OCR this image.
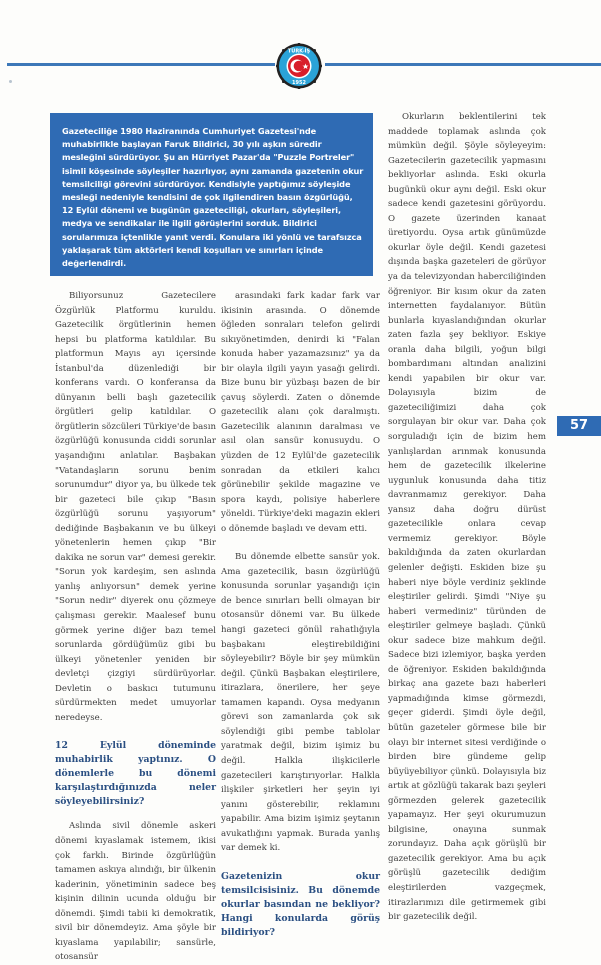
TÜRK-İŞ
1952
Gazeteciliğe 1980 Haziranında Cumhuriyet Gazetesi'nde muhabirlikle başlayan Faruk Bildirici, 30 yılı aşkın süredir mesleğini sürdürüyor. Şu an Hürriyet Pazar'da "Puzzle Portreler" isimli köşesinde söyleşiler hazırlıyor, aynı zamanda gazetenin okur temsilciliği görevini sürdürüyor. Kendisiyle yaptığımız söyleşide mesleği nedeniyle kendisini de çok ilgilendiren basın özgürlüğü, 12 Eylül dönemi ve bugünün gazeteciliği, okurları, söyleşileri, medya ve sendikalar ile ilgili görüşlerini sorduk. Bildirici sorularımıza içtenlikle yanıt verdi. Konulara iki yönlü ve tarafsızca yaklaşarak tüm aktörleri kendi koşulları ve sınırları içinde değerlendirdi.

Biliyorsunuz Gazetecilere Özgürlük Platformu kuruldu. Gazetecilik örgütlerinin hemen hepsi bu platforma katıldılar. Bu platformun Mayıs ayı içersinde İstanbul'da düzenlediği bir konferans vardı. O konferansa da dünyanın belli başlı gazetecilik örgütleri gelip katıldılar. O örgütlerin sözcüleri Türkiye'de basın özgürlüğü konusunda ciddi sorunlar yaşandığını anlatılar. Başbakan "Vatandaşların sorunu benim sorunumdur" diyor ya, bu ülkede tek bir gazeteci bile çıkıp "Basın özgürlüğü sorunu yaşıyorum" dediğinde Başbakanın ve bu ülkeyi yönetenlerin hemen çıkıp "Bir dakika ne sorun var" demesi gerekir. "Sorun yok kardeşim, sen aslında yanlış anlıyorsun" demek yerine "Sorun nedir" diyerek onu çözmeye çalışması gerekir. Maalesef bunu görmek yerine diğer bazı temel sorunlarda gördüğümüz gibi bu ülkeyi yönetenler yeniden bir devletçi çizgiyi sürdürüyorlar. Devletin o baskıcı tutumunu sürdürmekten medet umuyorlar neredeyse.

12 Eylül döneminde muhabirlik yaptınız. O dönemlerle bu dönemi karşılaştırdığınızda neler söyleyebilirsiniz?

Aslında sivil dönemle askeri dönemi kıyaslamak istemem, ikisi çok farklı. Birinde özgürlüğün tamamen askıya alındığı, bir ülkenin kaderinin, yönetiminin sadece beş kişinin dilinin ucunda olduğu bir dönemdi. Şimdi tabii ki demokratik, sivil bir dönemdeyiz. Ama şöyle bir kıyaslama yapılabilir; sansürle, otosansür

arasındaki fark kadar fark var ikisinin arasında. O dönemde öğleden sonraları telefon gelirdi sıkıyönetimden, denirdi ki "Falan konuda haber yazamazsınız" ya da bir olayla ilgili yayın yasağı gelirdi. Bize bunu bir yüzbaşı bazen de bir çavuş söylerdi. Zaten o dönemde gazetecilik alanı çok daralmıştı. Gazetecilik alanının daralması ve asıl olan sansür konusuydu. O yüzden de 12 Eylül'de gazetecilik sonradan da etkileri kalıcı görünebilir şekilde magazine ve spora kaydı, polisiye haberlere yöneldi. Türkiye'deki magazin ekleri o dönemde başladı ve devam etti.

Bu dönemde elbette sansür yok. Ama gazetecilik, basın özgürlüğü konusunda sorunlar yaşandığı için de bence sınırları belli olmayan bir otosansür dönemi var. Bu ülkede hangi gazeteci gönül rahatlığıyla başbakanı eleştirebildiğini söyleyebilir? Böyle bir şey mümkün değil. Çünkü Başbakan eleştirilere, itirazlara, önerilere, her şeye tamamen kapandı. Oysa medyanın görevi son zamanlarda çok sık söylendiği gibi pembe tablolar yaratmak değil, bizim işimiz bu değil. Halkla ilişkicilerle gazetecileri karıştırıyorlar. Halkla ilişkiler şirketleri her şeyin iyi yanını gösterebilir, reklamını yapabilir. Ama bizim işimiz şeytanın avukatlığını yapmak. Burada yanlış var demek ki.

Gazetenizin okur temsilcisisiniz. Bu dönemde okurlar basından ne bekliyor? Hangi konularda görüş bildiriyor?

Okurların beklentilerini tek maddede toplamak aslında çok mümkün değil. Şöyle söyleyeyim: Gazetecilerin gazetecilik yapmasını bekliyorlar aslında. Eski okurla bugünkü okur aynı değil. Eski okur sadece kendi gazetesini görüyordu. O gazete üzerinden kanaat üretiyordu. Oysa artık günümüzde okurlar öyle değil. Kendi gazetesi dışında başka gazeteleri de görüyor ya da televizyondan haberciliğinden öğreniyor. Bir kısım okur da zaten internetten faydalanıyor. Bütün bunlarla kıyaslandığından okurlar zaten fazla şey bekliyor. Eskiye oranla daha bilgili, yoğun bilgi bombardımanı altından analizini kendi yapabilen bir okur var. Dolayısıyla bizim de gazeteciliğimizi daha çok sorgulayan bir okur var. Daha çok sorguladığı için de bizim hem yanlışlardan arınmak konusunda hem de gazetecilik ilkelerine uygunluk konusunda daha titiz davranmamız gerekiyor. Daha yansız daha doğru dürüst gazetecilikle onlara cevap vermemiz gerekiyor. Böyle bakıldığında da zaten okurlardan gelenler değişti. Eskiden bize şu haberi niye böyle verdiniz şeklinde eleştiriler gelirdi. Şimdi "Niye şu haberi vermediniz" türünden de eleştiriler gelmeye başladı. Çünkü okur sadece bize mahkum değil. Sadece bizi izlemiyor, başka yerden de öğreniyor. Eskiden bakıldığında birkaç ana gazete bazı haberleri yapmadığında kimse görmezdi, geçer giderdi. Şimdi öyle değil, bütün gazeteler görmese bile bir olayı bir internet sitesi verdiğinde o birden bire gündeme gelip büyüyebiliyor çünkü. Dolayısıyla biz artık at gözlüğü takarak bazı şeyleri görmezden gelerek gazetecilik yapamayız. Her şeyi okurumuzun bilgisine, onayına sunmak zorundayız. Daha açık görüşlü bir gazetecilik gerekiyor. Ama bu açık görüşlü gazetecilik dediğim eleştirilerden vazgeçmek, itirazlarımızı dile getirmemek gibi bir gazetecilik değil.

57
